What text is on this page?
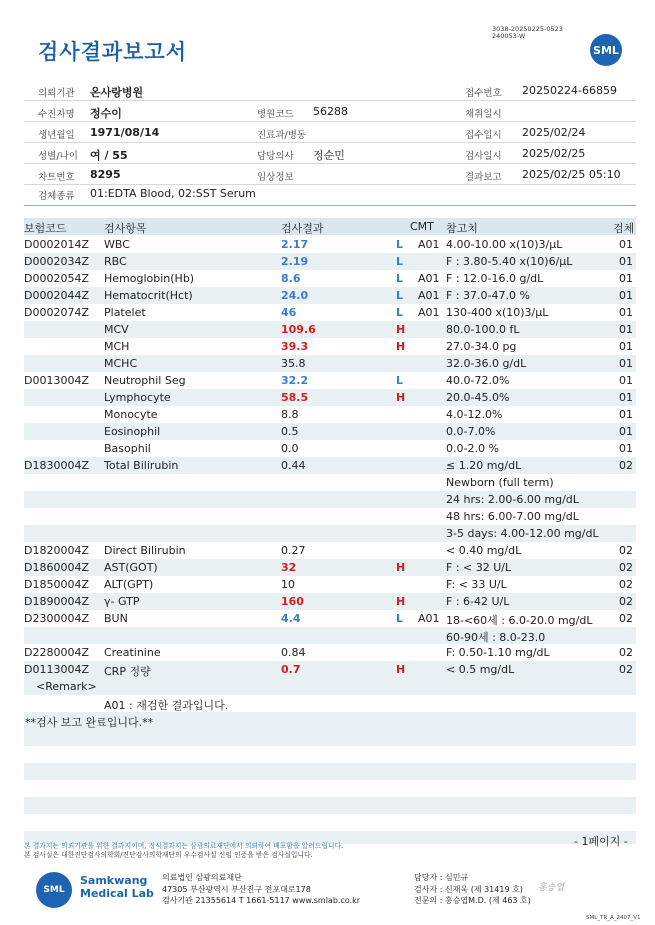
검사결과보고서
3038-20250225-0523
240053-W
SML
의뢰기관 온사랑병원
수진자명 정수이
생년월일 1971/08/14
성별/나이 여 / 55
차트번호 8295
검체종류 01:EDTA Blood, 02:SST Serum
병원코드 56288
진료과/병동
담당의사 정순민
임상정보
접수번호 20250224-66859
채취일시
접수일시 2025/02/24
검사일시 2025/02/25
결과보고 2025/02/25 05:10
보험코드	검사항목	검사결과	CMT 참고치	검체
D0002014Z WBC	2.17	L A01 4.00-10.00 x(10)3/μL	01
D0002034Z RBC	2.19	L	F : 3.80-5.40 x(10)6/μL	01
D0002054Z Hemoglobin(Hb)	8.6	L A01 F : 12.0-16.0 g/dL	01
D0002044Z Hematocrit(Hct)	24.0	L A01 F : 37.0-47.0 %	01
D0002074Z Platelet	46	L A01 130-400 x(10)3/μL	01
MCV	109.6	H	80.0-100.0 fL	01
MCH	39.3	H	27.0-34.0 pg	01
MCHC	35.8	32.0-36.0 g/dL	01
D0013004Z Neutrophil Seg	32.2	L	40.0-72.0%	01
Lymphocyte	58.5	H	20.0-45.0%	01
Monocyte	8.8	4.0-12.0%	01
Eosinophil	0.5	0.0-7.0%	01
Basophil	0.0	0.0-2.0 %	01
D1830004Z Total Bilirubin	0.44	≤ 1.20 mg/dL	02
Newborn (full term)
24 hrs: 2.00-6.00 mg/dL
48 hrs: 6.00-7.00 mg/dL
3-5 days: 4.00-12.00 mg/dL
D1820004Z Direct Bilirubin	0.27	< 0.40 mg/dL	02
D1860004Z AST(GOT)	32	H	F : < 32 U/L	02
D1850004Z ALT(GPT)	10	F: < 33 U/L	02
D1890004Z γ- GTP	160	H	F : 6-42 U/L	02
D2300004Z BUN	4.4	L A01 18-<60세 : 6.0-20.0 mg/dL 02
60-90세 : 8.0-23.0
D2280004Z Creatinine	0.84	F: 0.50-1.10 mg/dL	02
D0113004Z CRP 정량	0.7	H	< 0.5 mg/dL	02
<Remark>
A01 : 재검한 결과입니다.
**검사 보고 완료입니다.**
- 1페이지 -
본 결과지는 의뢰기관을 위한 결과지이며, 정식결과지는 삼광의료재단에서 의뢰하여 배포함을 알려드립니다.
본 검사실은 대한진단검사의학회/진단검사의학재단의 우수검사실 신임 인증을 받은 검사실입니다.
SML
Samkwang
Medical Lab
의료법인 삼광의료재단
47305 부산광역시 부산진구 전포대로178
검사기관 21355614 T 1661-5117 www.smlab.co.kr
담당자 : 심민규
검사자 : 신재욱 (제 31419 호)
전문의 : 홍승엽M.D. (제 463 호)
홍승엽
SML_TR_A_2407_V1
